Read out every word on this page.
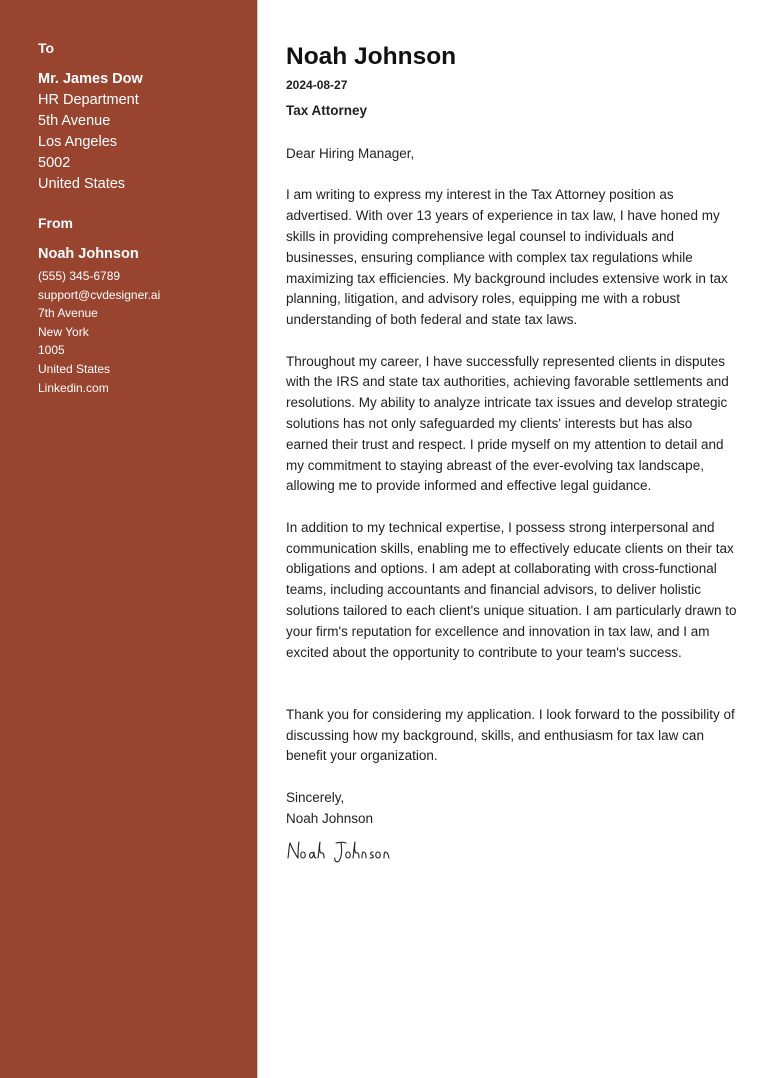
To
Mr. James Dow
HR Department
5th Avenue
Los Angeles
5002
United States
From
Noah Johnson
(555) 345-6789
support@cvdesigner.ai
7th Avenue
New York
1005
United States
Linkedin.com
Noah Johnson
2024-08-27
Tax Attorney
Dear Hiring Manager,

I am writing to express my interest in the Tax Attorney position as advertised. With over 13 years of experience in tax law, I have honed my skills in providing comprehensive legal counsel to individuals and businesses, ensuring compliance with complex tax regulations while maximizing tax efficiencies. My background includes extensive work in tax planning, litigation, and advisory roles, equipping me with a robust understanding of both federal and state tax laws.

Throughout my career, I have successfully represented clients in disputes with the IRS and state tax authorities, achieving favorable settlements and resolutions. My ability to analyze intricate tax issues and develop strategic solutions has not only safeguarded my clients' interests but has also earned their trust and respect. I pride myself on my attention to detail and my commitment to staying abreast of the ever-evolving tax landscape, allowing me to provide informed and effective legal guidance.

In addition to my technical expertise, I possess strong interpersonal and communication skills, enabling me to effectively educate clients on their tax obligations and options. I am adept at collaborating with cross-functional teams, including accountants and financial advisors, to deliver holistic solutions tailored to each client's unique situation. I am particularly drawn to your firm's reputation for excellence and innovation in tax law, and I am excited about the opportunity to contribute to your team's success.

Thank you for considering my application. I look forward to the possibility of discussing how my background, skills, and enthusiasm for tax law can benefit your organization.

Sincerely,
Noah Johnson
